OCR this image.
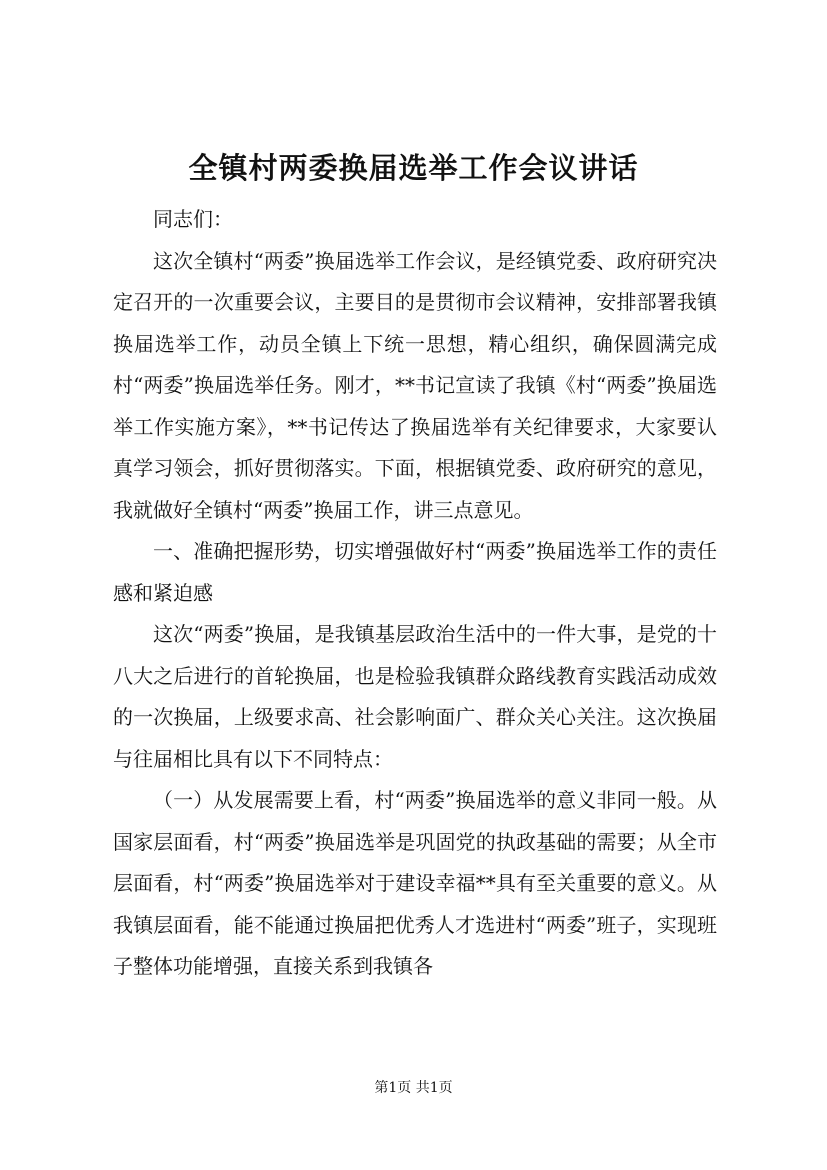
全镇村两委换届选举工作会议讲话

同志们：

这次全镇村“两委”换届选举工作会议，是经镇党委、政府研究决定召开的一次重要会议，主要目的是贯彻市会议精神，安排部署我镇换届选举工作，动员全镇上下统一思想，精心组织，确保圆满完成村“两委”换届选举任务。刚才，**书记宣读了我镇《村“两委”换届选举工作实施方案》，**书记传达了换届选举有关纪律要求，大家要认真学习领会，抓好贯彻落实。下面，根据镇党委、政府研究的意见，我就做好全镇村“两委”换届工作，讲三点意见。

一、准确把握形势，切实增强做好村“两委”换届选举工作的责任感和紧迫感

这次“两委”换届，是我镇基层政治生活中的一件大事，是党的十八大之后进行的首轮换届，也是检验我镇群众路线教育实践活动成效的一次换届，上级要求高、社会影响面广、群众关心关注。这次换届与往届相比具有以下不同特点：

（一）从发展需要上看，村“两委”换届选举的意义非同一般。从国家层面看，村“两委”换届选举是巩固党的执政基础的需要；从全市层面看，村“两委”换届选举对于建设幸福**具有至关重要的意义。从我镇层面看，能不能通过换届把优秀人才选进村“两委”班子，实现班子整体功能增强，直接关系到我镇各

第1页 共1页
